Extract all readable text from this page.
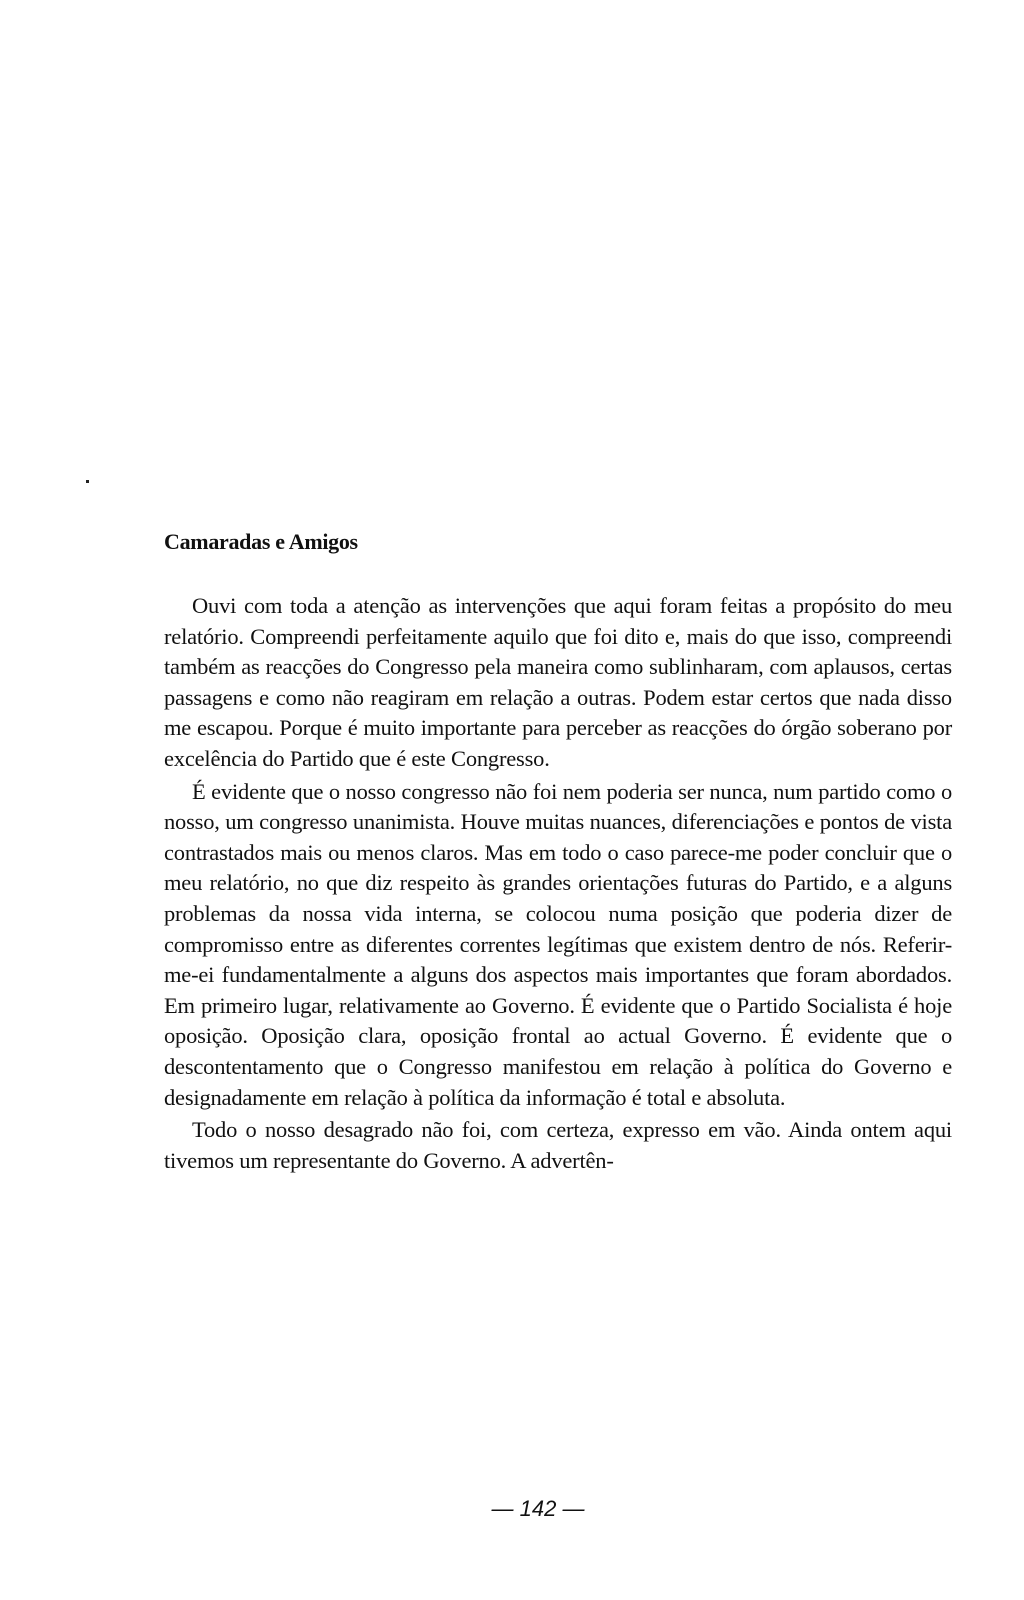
Camaradas e Amigos

Ouvi com toda a atenção as intervenções que aqui foram feitas a propósito do meu relatório. Compreendi perfeitamente aquilo que foi dito e, mais do que isso, compreendi também as reacções do Congresso pela maneira como sublinharam, com aplausos, certas passagens e como não reagiram em relação a outras. Podem estar certos que nada disso me escapou. Porque é muito importante para perceber as reacções do órgão soberano por excelência do Partido que é este Congresso.

É evidente que o nosso congresso não foi nem poderia ser nunca, num partido como o nosso, um congresso unanimista. Houve muitas nuances, diferenciações e pontos de vista contrastados mais ou menos claros. Mas em todo o caso parece-me poder concluir que o meu relatório, no que diz respeito às grandes orientações futuras do Partido, e a alguns problemas da nossa vida interna, se colocou numa posição que poderia dizer de compromisso entre as diferentes correntes legítimas que existem dentro de nós. Referir-me-ei fundamentalmente a alguns dos aspectos mais importantes que foram abordados. Em primeiro lugar, relativamente ao Governo. É evidente que o Partido Socialista é hoje oposição. Oposição clara, oposição frontal ao actual Governo. É evidente que o descontentamento que o Congresso manifestou em relação à política do Governo e designadamente em relação à política da informação é total e absoluta.

Todo o nosso desagrado não foi, com certeza, expresso em vão. Ainda ontem aqui tivemos um representante do Governo. A advertên-

— 142 —
